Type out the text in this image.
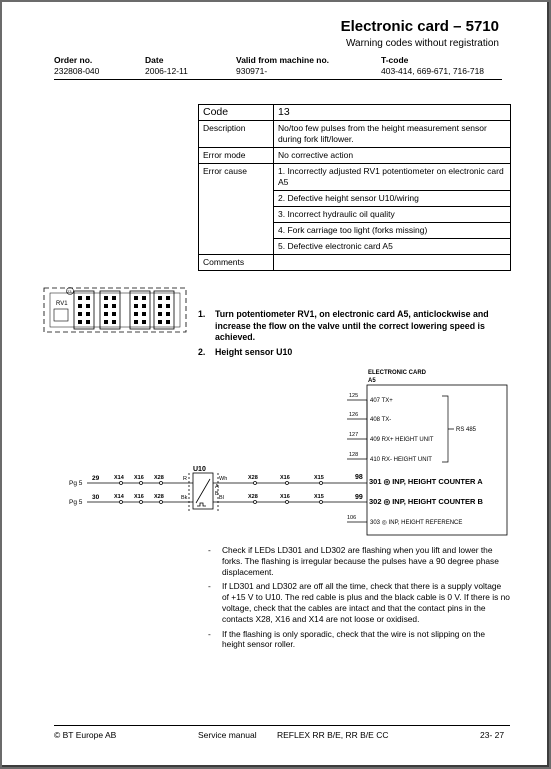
Electronic card – 5710
Warning codes without registration
Order no.
232808-040
Date
2006-12-11
Valid from machine no.
930971-
T-code
403-414, 669-671, 716-718
Code	13
Description	No/too few pulses from the height measurement sensor during fork lift/lower.
Error mode	No corrective action
Error cause	1. Incorrectly adjusted RV1 potentiometer on electronic card A5
	2. Defective height sensor U10/wiring
	3. Incorrect hydraulic oil quality
	4. Fork carriage too light (forks missing)
	5. Defective electronic card A5
Comments	
RV1
23
1.	Turn potentiometer RV1, on electronic card A5, anticlockwise and increase the flow on the valve until the correct lowering speed is achieved.
2.	Height sensor U10
ELECTRONIC CARD
A5
125
126
127
128
98
99
106
407 TX+
408 TX-
409 RX+ HEIGHT UNIT
410 RX- HEIGHT UNIT
301 ◎ INP, HEIGHT COUNTER A
302 ◎ INP, HEIGHT COUNTER B
303 ◎ INP, HEIGHT REFERENCE
RS 485
U10
Pg 5
29	X14 X16 X28	R	Wh
A
X28	X16	X15
Pg 5
30	X14 X16 X28	Bk	Bl
B	X28	X16	X15
-	Check if LEDs LD301 and LD302 are flashing when you lift and lower the forks. The flashing is irregular because the pulses have a 90 degree phase displacement.
-	If LD301 and LD302 are off all the time, check that there is a supply voltage of +15 V to U10. The red cable is plus and the black cable is 0 V. If there is no voltage, check that the cables are intact and that the contact pins in the contacts X28, X16 and X14 are not loose or oxidised.
-	If the flashing is only sporadic, check that the wire is not slipping on the height sensor roller.
© BT Europe AB	Service manual REFLEX RR B/E, RR B/E CC	23- 27
